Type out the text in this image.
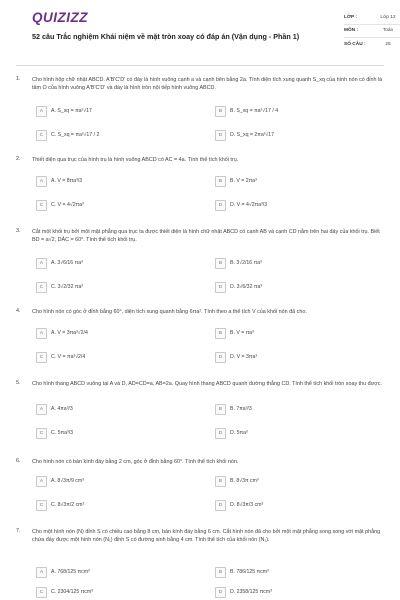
QUIZIZZ
52 câu Trắc nghiệm Khái niệm về mặt tròn xoay có đáp án (Vận dụng - Phần 1)
LỚP :	Lớp 12
MÔN :	Toán
SỐ CÂU :	25
1. Cho hình hộp chữ nhật ABCD. A'B'C'D' có đáy là hình vuông cạnh a và cạnh bên bằng 2a. Tính diện tích xung quanh S_xq của hình nón có đỉnh là tâm O của hình vuông A'B'C'D' và đáy là hình tròn nội tiếp hình vuông ABCD.
A	A. S_xq = πa²√17	B	B. S_xq = πa²√17 / 4
C	C. S_xq = πa²√17 / 2	D	D. S_xq = 2πa²√17
2. Thiết diện qua trục của hình trụ là hình vuông ABCD có AC = 4a. Tính thể tích khối trụ.
A	A. V = 8πa³/3	B	B. V = 2πa³
C	C. V = 4√2πa³	D	D. V = 4√2πa³/3
3. Cắt một khối trụ bởi một mặt phẳng qua trục ta được thiết diện là hình chữ nhật ABCD có cạnh AB và cạnh CD nằm trên hai đáy của khối trụ. Biết BD = a√2, DÂC = 60°. Tính thể tích khối trụ.
A	A. 3√6/16 πa³	B	B. 3√2/16 πa³
C	C. 3√2/32 πa³	D	D. 3√6/32 πa³
4. Cho hình nón có góc ở đỉnh bằng 60°, diện tích xung quanh bằng 6πa². Tính theo a thể tích V của khối nón đã cho.
A	A. V = 3πa³√2/4	B	B. V = πa³
C	C. V = πa³√2/4	D	D. V = 3πa³
5. Cho hình thang ABCD vuông tại A và D, AD=CD=a, AB=2a. Quay hình thang ABCD quanh đường thẳng CD. Tính thể tích khối tròn xoay thu được.
A	A. 4πa³/3	B	B. 7πa³/3
C	C. 5πa³/3	D	D. 5πa³
6. Cho hình nón có bán kính đáy bằng 2 cm, góc ở đỉnh bằng 60°. Tính thể tích khối nón.
A	A. 8√3π/9 cm³	B	B. 8√3π cm³
C	C. 8√3π/2 cm³	D	D. 8√3π/3 cm³
7. Cho một hình nón (N) đỉnh S có chiều cao bằng 8 cm, bán kính đáy bằng 6 cm. Cắt hình nón đã cho bởi một mặt phẳng song song với mặt phẳng chứa đáy được một hình nón (N₁) đỉnh S có đường sinh bằng 4 cm. Tính thể tích của khối nón (N₁).
A	A. 768/125 πcm³	B	B. 786/125 πcm³
C	C. 2304/125 πcm³	D	D. 2358/125 πcm³
